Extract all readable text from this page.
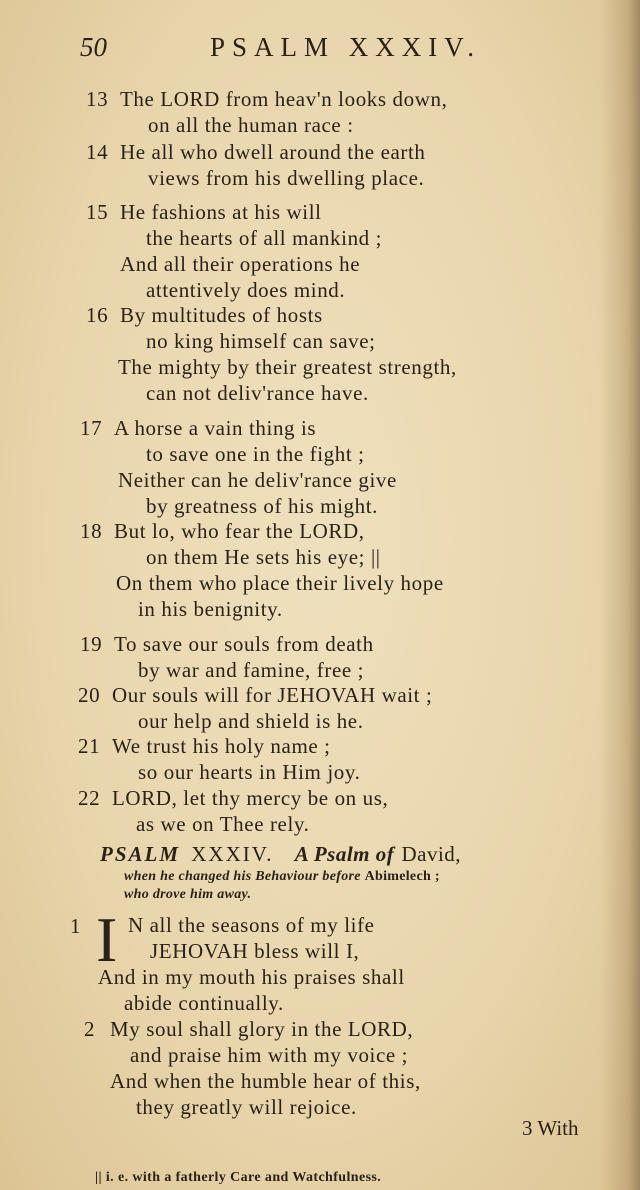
50	PSALM XXXIV.
13 The LORD from heav'n looks down,
on all the human race :
14 He all who dwell around the earth
views from his dwelling place.
15 He fashions at his will
the hearts of all mankind ;
And all their operations he
attentively does mind.
16 By multitudes of hosts
no king himself can save;
The mighty by their greatest strength,
can not deliv'rance have.
17 A horse a vain thing is
to save one in the fight ;
Neither can he deliv'rance give
by greatness of his might.
18 But lo, who fear the LORD,
on them He sets his eye; ||
On them who place their lively hope
in his benignity.
19 To save our souls from death
by war and famine, free ;
20 Our souls will for JEHOVAH wait ;
our help and shield is he.
21 We trust his holy name ;
so our hearts in Him joy.
22 LORD, let thy mercy be on us,
as we on Thee rely.
PSALM XXXIV. A Psalm of David,
when he changed his Behaviour before Abimelech ;
who drove him away.
1 I N all the seasons of my life
JEHOVAH bless will I,
And in my mouth his praises shall
abide continually.
2 My soul shall glory in the LORD,
and praise him with my voice ;
And when the humble hear of this,
they greatly will rejoice.
3 With
|| i. e. with a fatherly Care and Watchfulness.
